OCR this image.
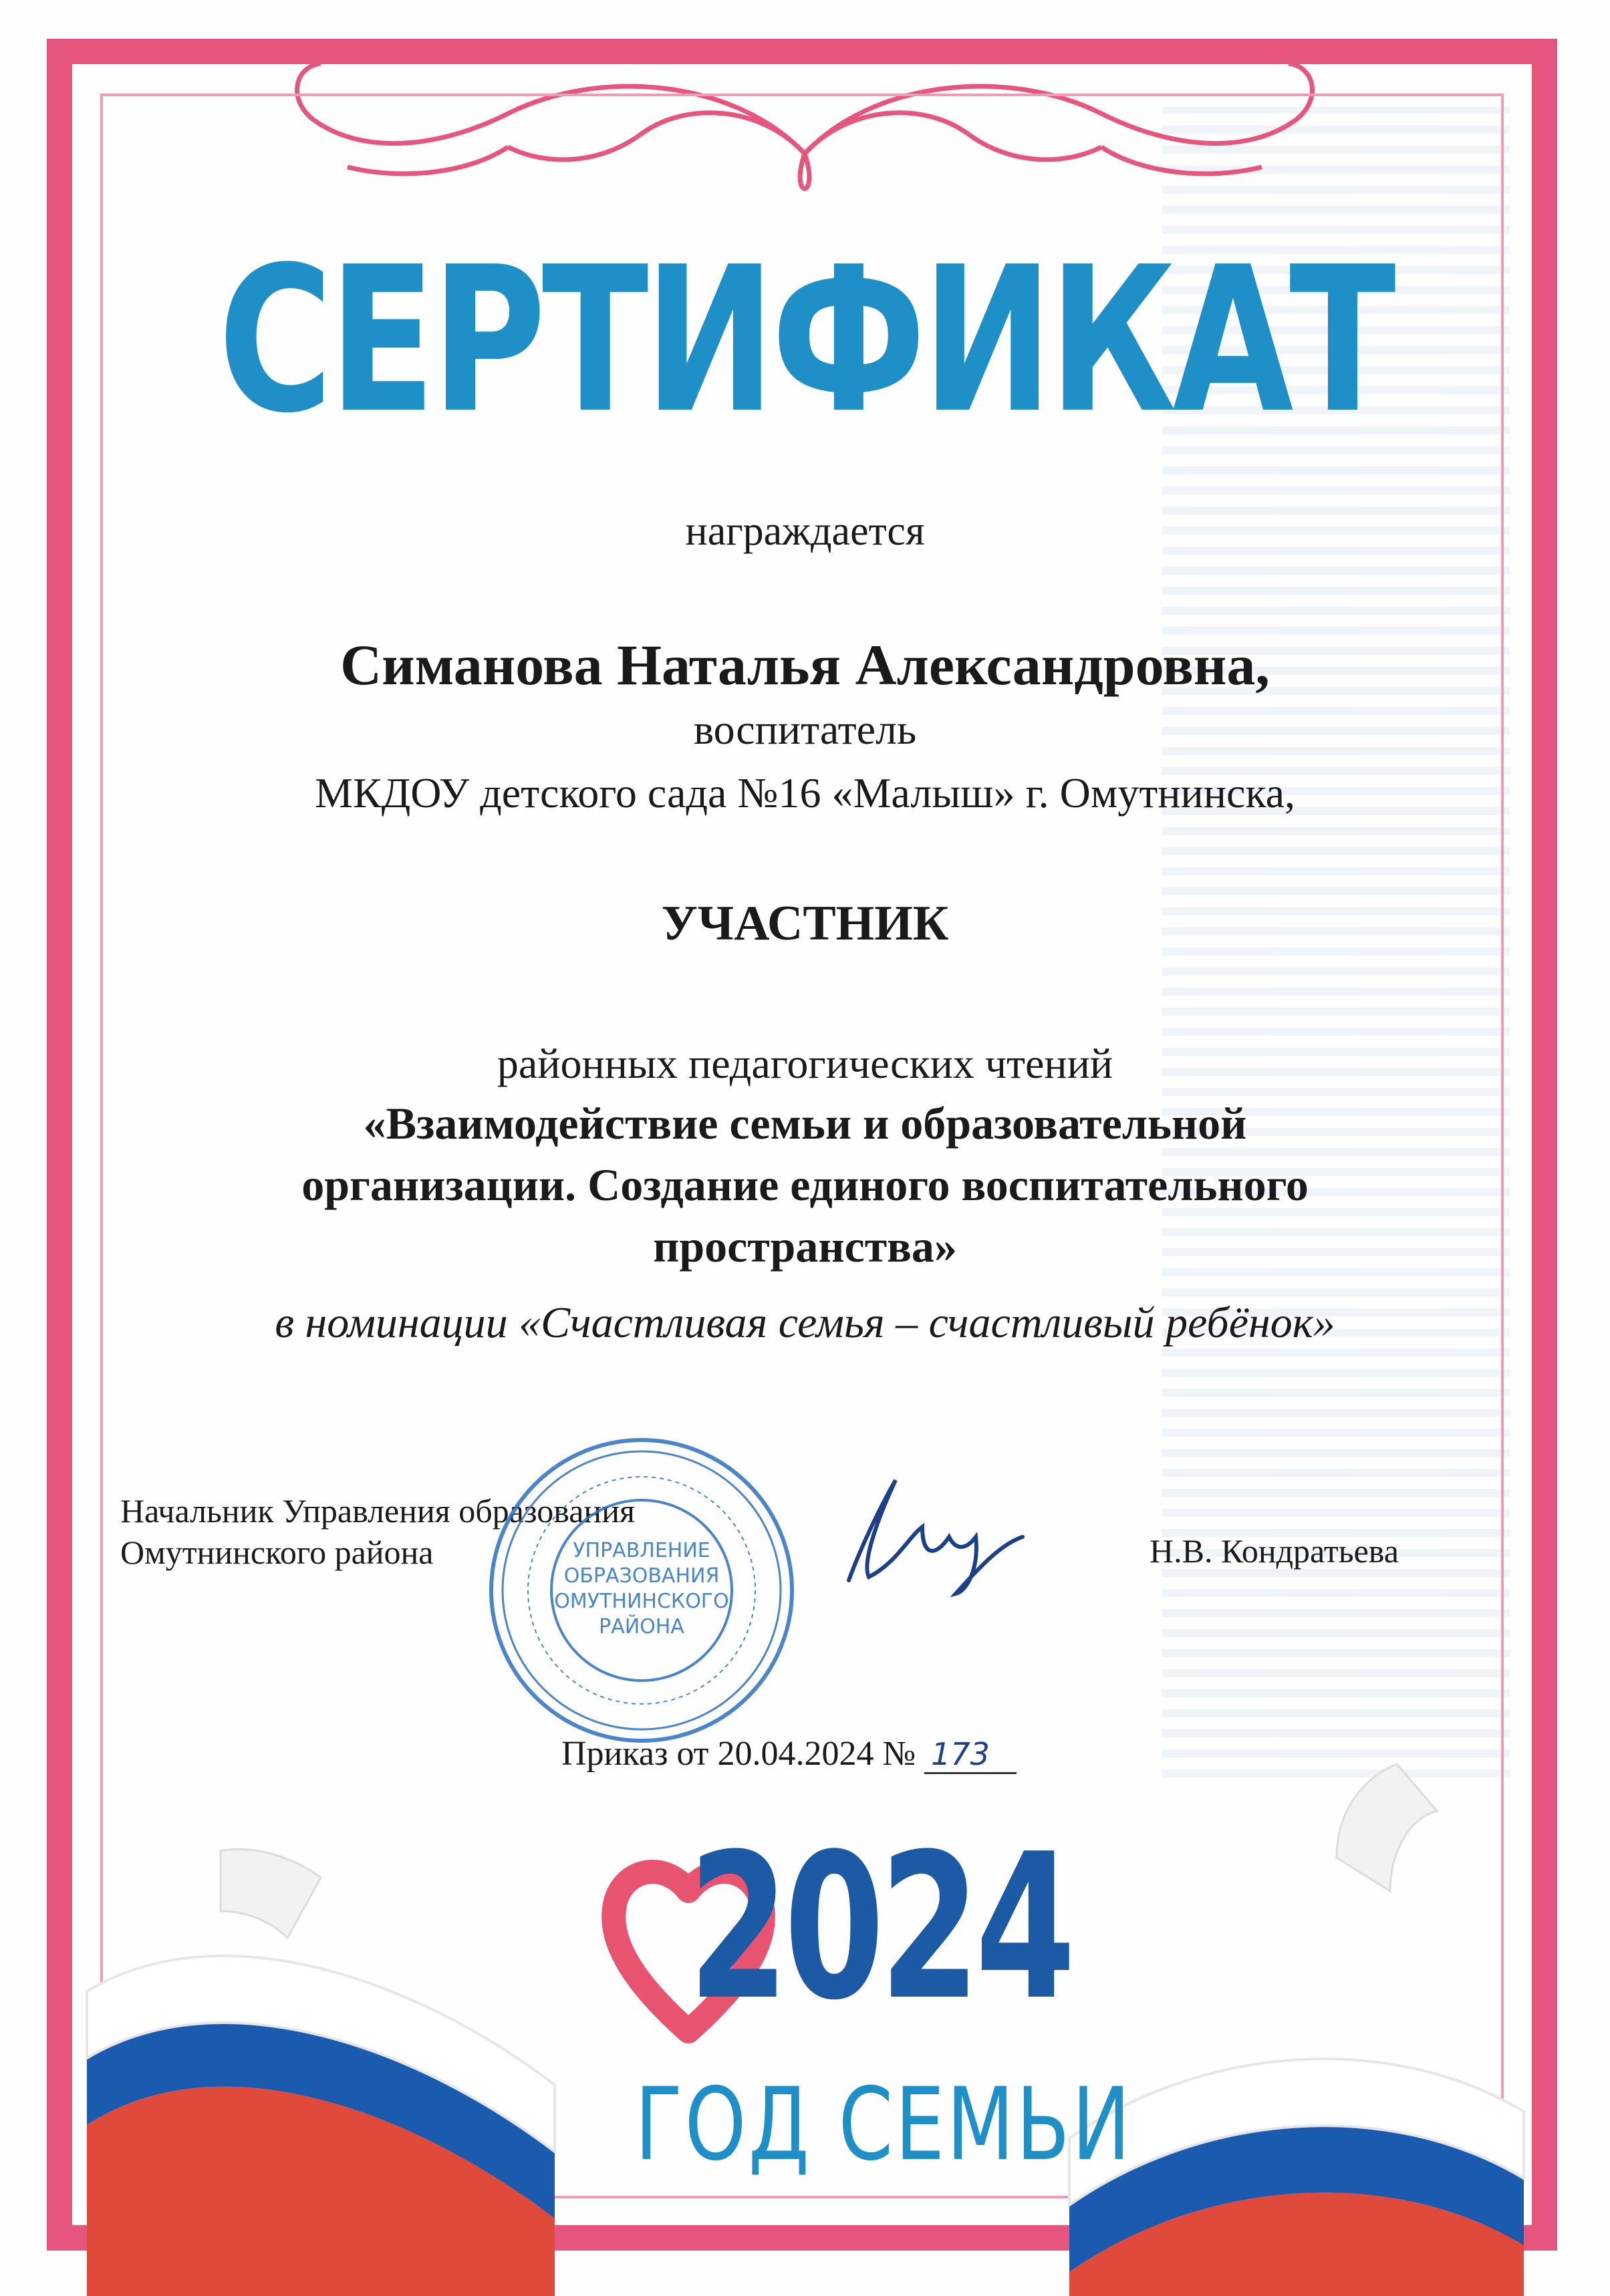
СЕРТИФИКАТ
награждается
Симанова Наталья Александровна,
воспитатель
МКДОУ детского сада №16 «Малыш» г. Омутнинска,
УЧАСТНИК
районных педагогических чтений
«Взаимодействие семьи и образовательной организации. Создание единого воспитательного пространства»
в номинации «Счастливая семья – счастливый ребёнок»
Начальник Управления образования
Омутнинского района	УПРАВЛЕНИЕ
ОБРАЗОВАНИЯ
ОМУТНИНСКОГО
РАЙОНА
Н.В. Кондратьева
Приказ от 20.04.2024 № 173
2024
ГОД СЕМЬИ
